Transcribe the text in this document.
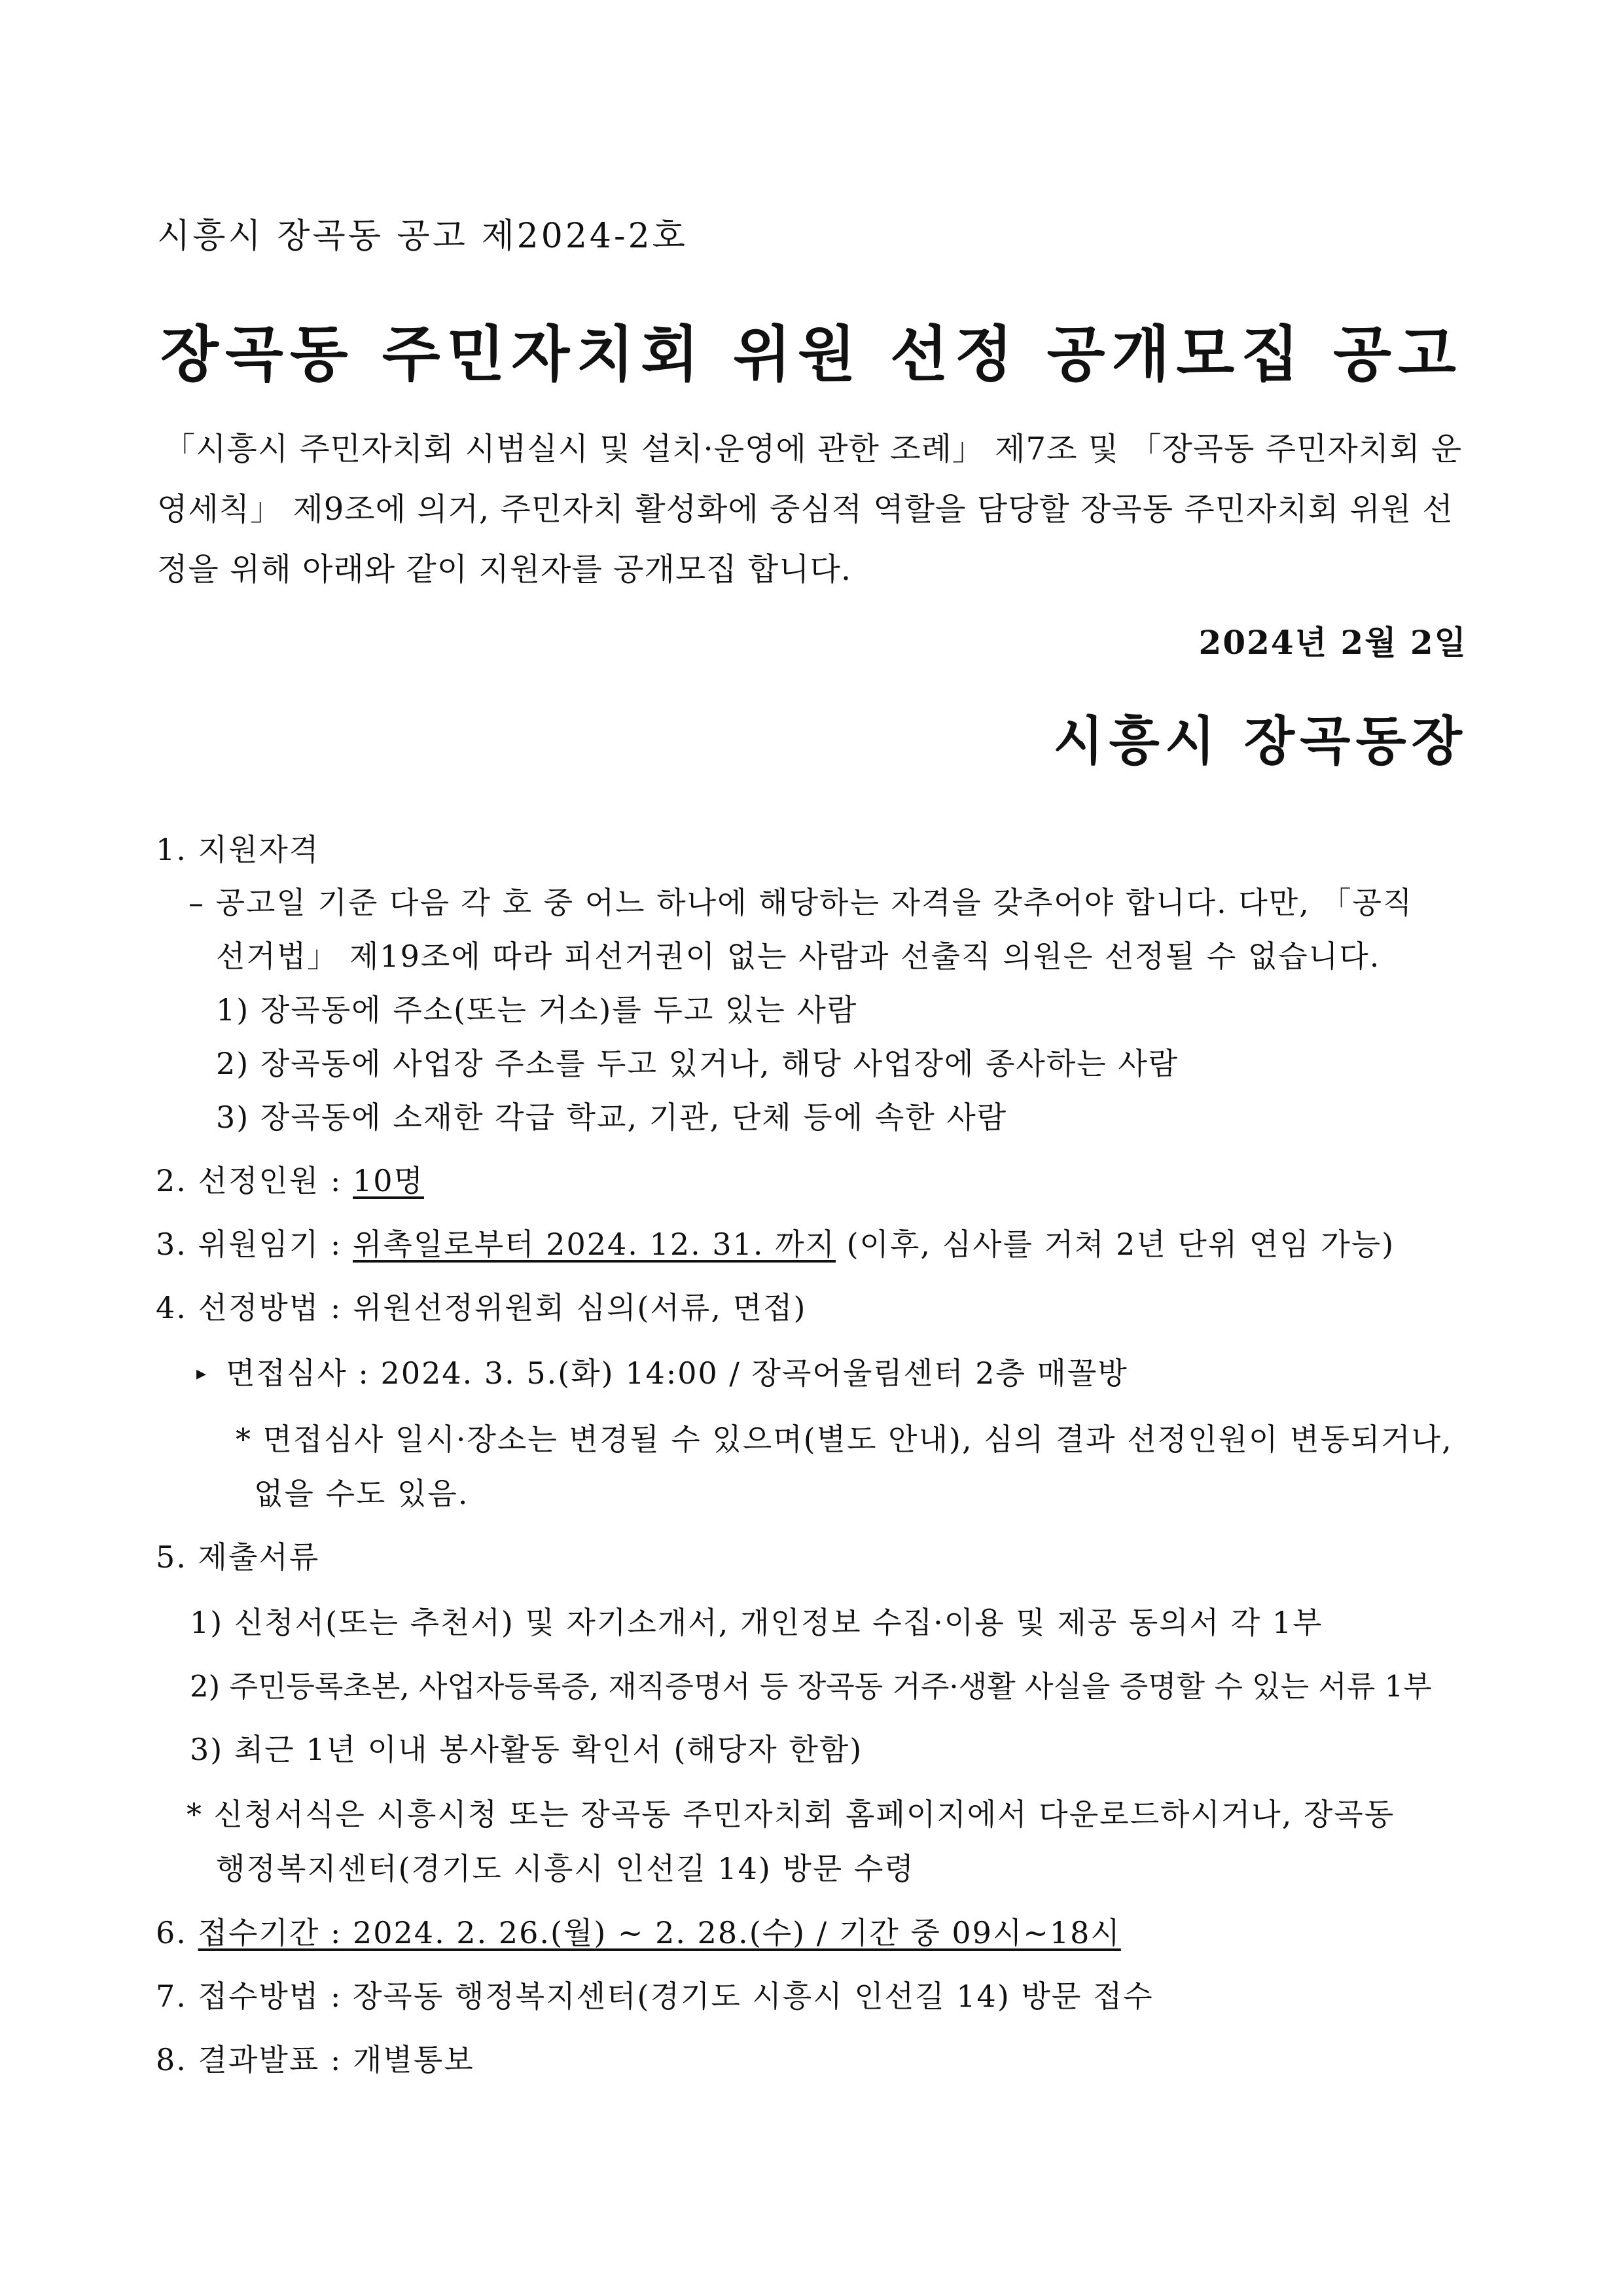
시흥시 장곡동 공고 제2024-2호
장곡동 주민자치회 위원 선정 공개모집 공고
「시흥시 주민자치회 시범실시 및 설치·운영에 관한 조례」 제7조 및 「장곡동 주민자치회 운영세칙」 제9조에 의거, 주민자치 활성화에 중심적 역할을 담당할 장곡동 주민자치회 위원 선정을 위해 아래와 같이 지원자를 공개모집 합니다.
2024년 2월 2일
시흥시 장곡동장
1. 지원자격
– 공고일 기준 다음 각 호 중 어느 하나에 해당하는 자격을 갖추어야 합니다. 다만, 「공직
선거법」 제19조에 따라 피선거권이 없는 사람과 선출직 의원은 선정될 수 없습니다.
1) 장곡동에 주소(또는 거소)를 두고 있는 사람
2) 장곡동에 사업장 주소를 두고 있거나, 해당 사업장에 종사하는 사람
3) 장곡동에 소재한 각급 학교, 기관, 단체 등에 속한 사람
2. 선정인원 : 10명
3. 위원임기 : 위촉일로부터 2024. 12. 31. 까지 (이후, 심사를 거쳐 2년 단위 연임 가능)
4. 선정방법 : 위원선정위원회 심의(서류, 면접)
▸ 면접심사 : 2024. 3. 5.(화) 14:00 / 장곡어울림센터 2층 매꼴방
* 면접심사 일시·장소는 변경될 수 있으며(별도 안내), 심의 결과 선정인원이 변동되거나,
없을 수도 있음.
5. 제출서류
1) 신청서(또는 추천서) 및 자기소개서, 개인정보 수집·이용 및 제공 동의서 각 1부
2) 주민등록초본, 사업자등록증, 재직증명서 등 장곡동 거주·생활 사실을 증명할 수 있는 서류 1부
3) 최근 1년 이내 봉사활동 확인서 (해당자 한함)
* 신청서식은 시흥시청 또는 장곡동 주민자치회 홈페이지에서 다운로드하시거나, 장곡동
행정복지센터(경기도 시흥시 인선길 14) 방문 수령
6. 접수기간 : 2024. 2. 26.(월) ~ 2. 28.(수) / 기간 중 09시~18시
7. 접수방법 : 장곡동 행정복지센터(경기도 시흥시 인선길 14) 방문 접수
8. 결과발표 : 개별통보
